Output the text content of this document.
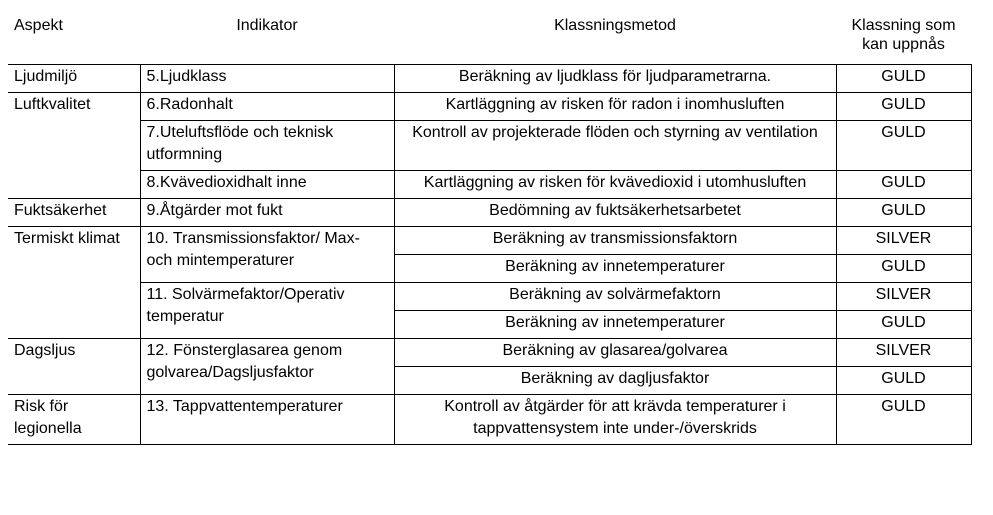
Aspekt	Indikator	Klassningsmetod	Klassning som kan uppnås
Ljudmiljö	5.Ljudklass	Beräkning av ljudklass för ljudparametrarna.	GULD
Luftkvalitet	6.Radonhalt	Kartläggning av risken för radon i inomhusluften	GULD
	7.Uteluftsflöde och teknisk utformning	Kontroll av projekterade flöden och styrning av ventilation	GULD
	8.Kvävedioxidhalt inne	Kartläggning av risken för kvävedioxid i utomhusluften	GULD
Fuktsäkerhet	9.Åtgärder mot fukt	Bedömning av fuktsäkerhetsarbetet	GULD
Termiskt klimat	10. Transmissionsfaktor/ Max- och mintemperaturer	Beräkning av transmissionsfaktorn	SILVER
		Beräkning av innetemperaturer	GULD
	11. Solvärmefaktor/Operativ temperatur	Beräkning av solvärmefaktorn	SILVER
		Beräkning av innetemperaturer	GULD
Dagsljus	12. Fönsterglasarea genom golvarea/Dagsljusfaktor	Beräkning av glasarea/golvarea	SILVER
		Beräkning av dagljusfaktor	GULD
Risk för legionella	13. Tappvattentemperaturer	Kontroll av åtgärder för att krävda temperaturer i tappvattensystem inte under-/överskrids	GULD
